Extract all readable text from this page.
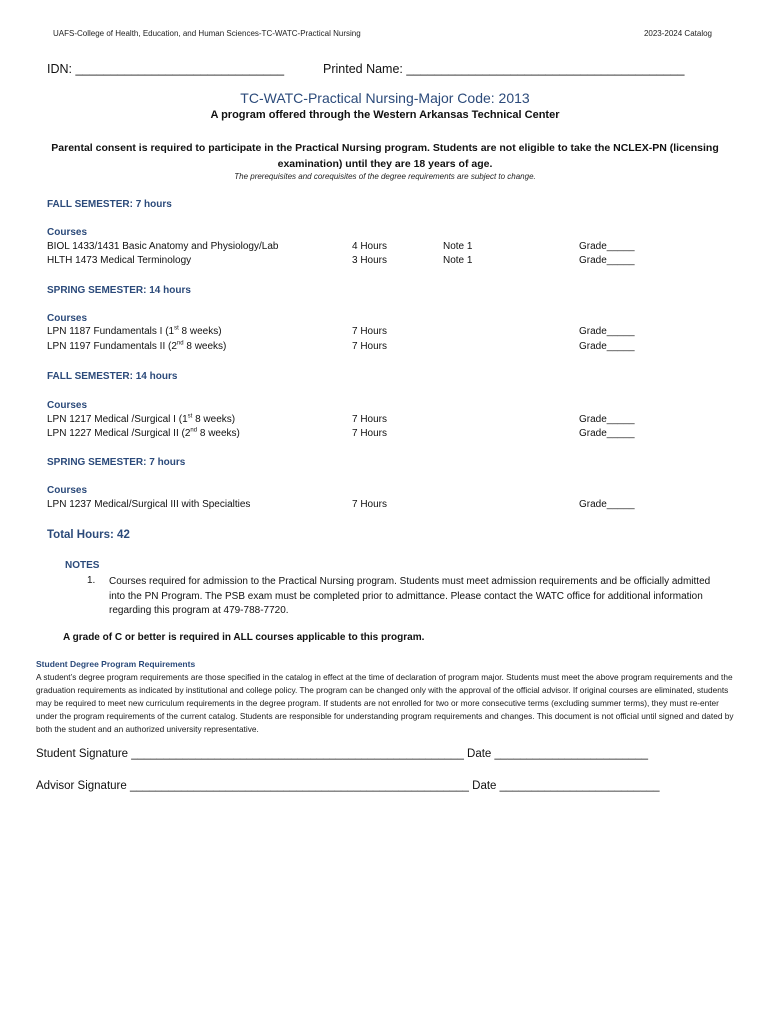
UAFS-College of Health, Education, and Human Sciences-TC-WATC-Practical Nursing	2023-2024 Catalog
IDN: ______________________________	Printed Name: ________________________________________
TC-WATC-Practical Nursing-Major Code: 2013
A program offered through the Western Arkansas Technical Center
Parental consent is required to participate in the Practical Nursing program. Students are not eligible to take the NCLEX-PN (licensing examination) until they are 18 years of age.
The prerequisites and corequisites of the degree requirements are subject to change.
FALL SEMESTER: 7 hours
Courses
BIOL 1433/1431 Basic Anatomy and Physiology/Lab	4 Hours	Note 1	Grade_____
HLTH 1473 Medical Terminology	3 Hours	Note 1	Grade_____
SPRING SEMESTER: 14 hours
Courses
LPN 1187 Fundamentals I (1st 8 weeks)	7 Hours	Grade_____
LPN 1197 Fundamentals II (2nd 8 weeks)	7 Hours	Grade_____
FALL SEMESTER: 14 hours
Courses
LPN 1217 Medical /Surgical I (1st 8 weeks)	7 Hours	Grade_____
LPN 1227 Medical /Surgical II (2nd 8 weeks)	7 Hours	Grade_____
SPRING SEMESTER: 7 hours
Courses
LPN 1237 Medical/Surgical III with Specialties	7 Hours	Grade_____
Total Hours: 42
NOTES
1. Courses required for admission to the Practical Nursing program. Students must meet admission requirements and be officially admitted into the PN Program. The PSB exam must be completed prior to admittance. Please contact the WATC office for additional information regarding this program at 479-788-7720.
A grade of C or better is required in ALL courses applicable to this program.
Student Degree Program Requirements
A student’s degree program requirements are those specified in the catalog in effect at the time of declaration of program major. Students must meet the above program requirements and the graduation requirements as indicated by institutional and college policy. The program can be changed only with the approval of the official advisor. If original courses are eliminated, students may be required to meet new curriculum requirements in the degree program. If students are not enrolled for two or more consecutive terms (excluding summer terms), they must re-enter under the program requirements of the current catalog. Students are responsible for understanding program requirements and changes. This document is not official until signed and dated by both the student and an authorized university representative.
Student Signature ____________________________________________________ Date ________________________
Advisor Signature _____________________________________________________ Date _________________________
